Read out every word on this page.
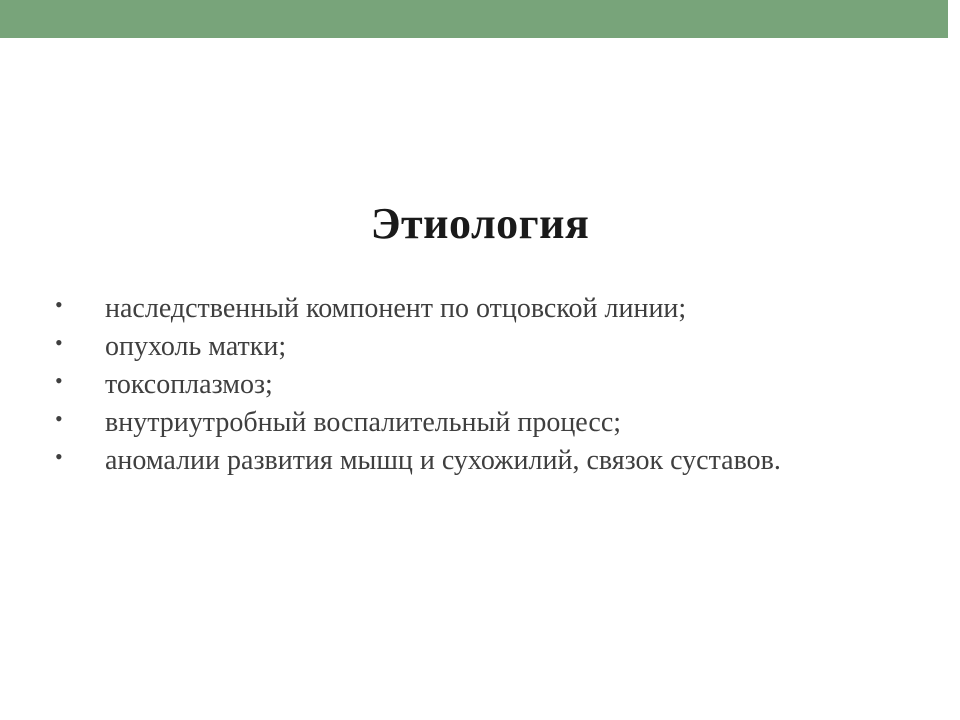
Этиология
• наследственный компонент по отцовской линии;
• опухоль матки;
• токсоплазмоз;
• внутриутробный воспалительный процесс;
• аномалии развития мышц и сухожилий, связок суставов.
